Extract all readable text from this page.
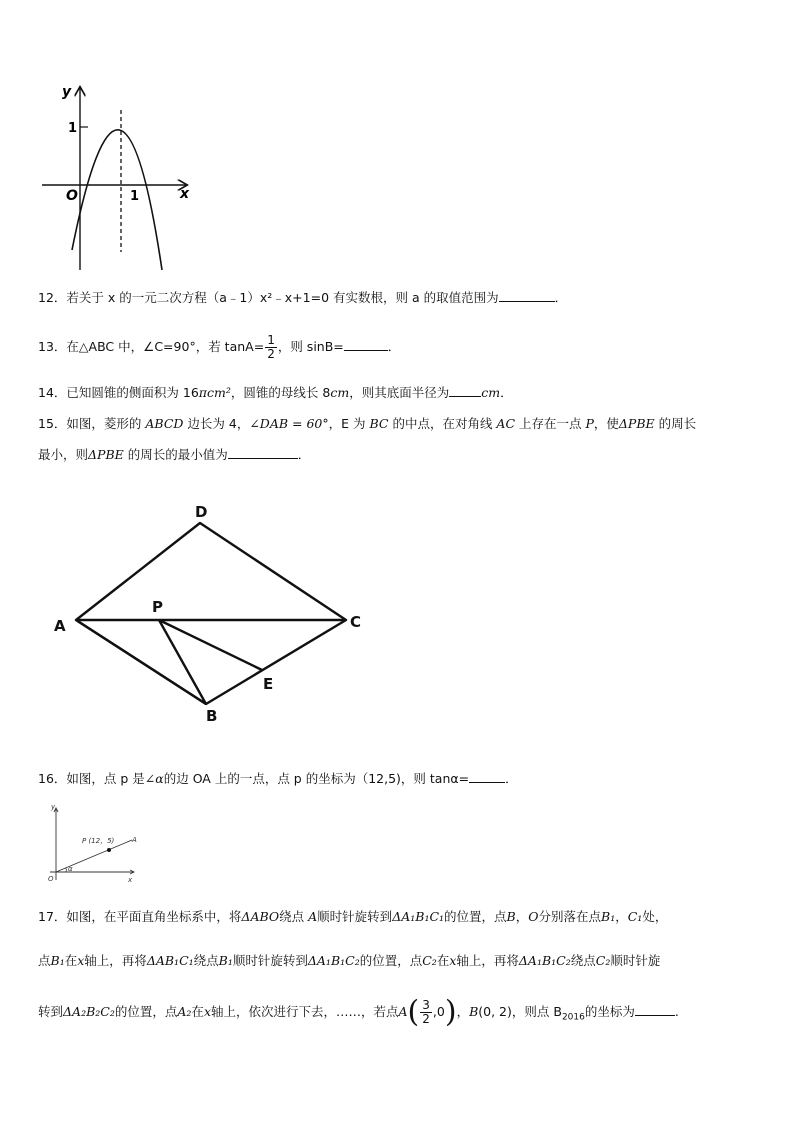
y
x
O
1
1
12．若关于 x 的一元二次方程（a﹣1）x²﹣x+1=0 有实数根，则 a 的取值范围为	．
13．在△ABC 中，∠C=90°，若 $\tan A= \frac{1}{2}$ ，则 sinB=	．
14．已知圆锥的侧面积为 16πcm²，圆锥的母线长 8cm，则其底面半径为	cm．
15．如图，菱形的 ABCD 边长为 4，∠DAB = 60°，E 为 BC 的中点，在对角线 AC 上存在一点 P，使ΔPBE 的周长
最小，则ΔPBE 的周长的最小值为	．
D
A	C
P
E
B
16．如图，点 p 是∠α的边 OA 上的一点，点 p 的坐标为（12,5)，则 tanα=	．
y
x
O
P (12，5)	A
α
17．如图，在平面直角坐标系中，将ΔABO绕点 A顺时针旋转到ΔA₁B₁C₁的位置，点B，O分别落在点B₁，C₁处，
点B₁在x轴上，再将ΔAB₁C₁绕点B₁顺时针旋转到ΔA₁B₁C₂的位置，点C₂在x轴上，再将ΔA₁B₁C₂绕点C₂顺时针旋
转到ΔA₂B₂C₂的位置，点A₂在x轴上，依次进行下去，……，若点$A( \frac{3}{2} ,0)$，B(0, 2)，则点 $B_{2016}$的坐标为	.
